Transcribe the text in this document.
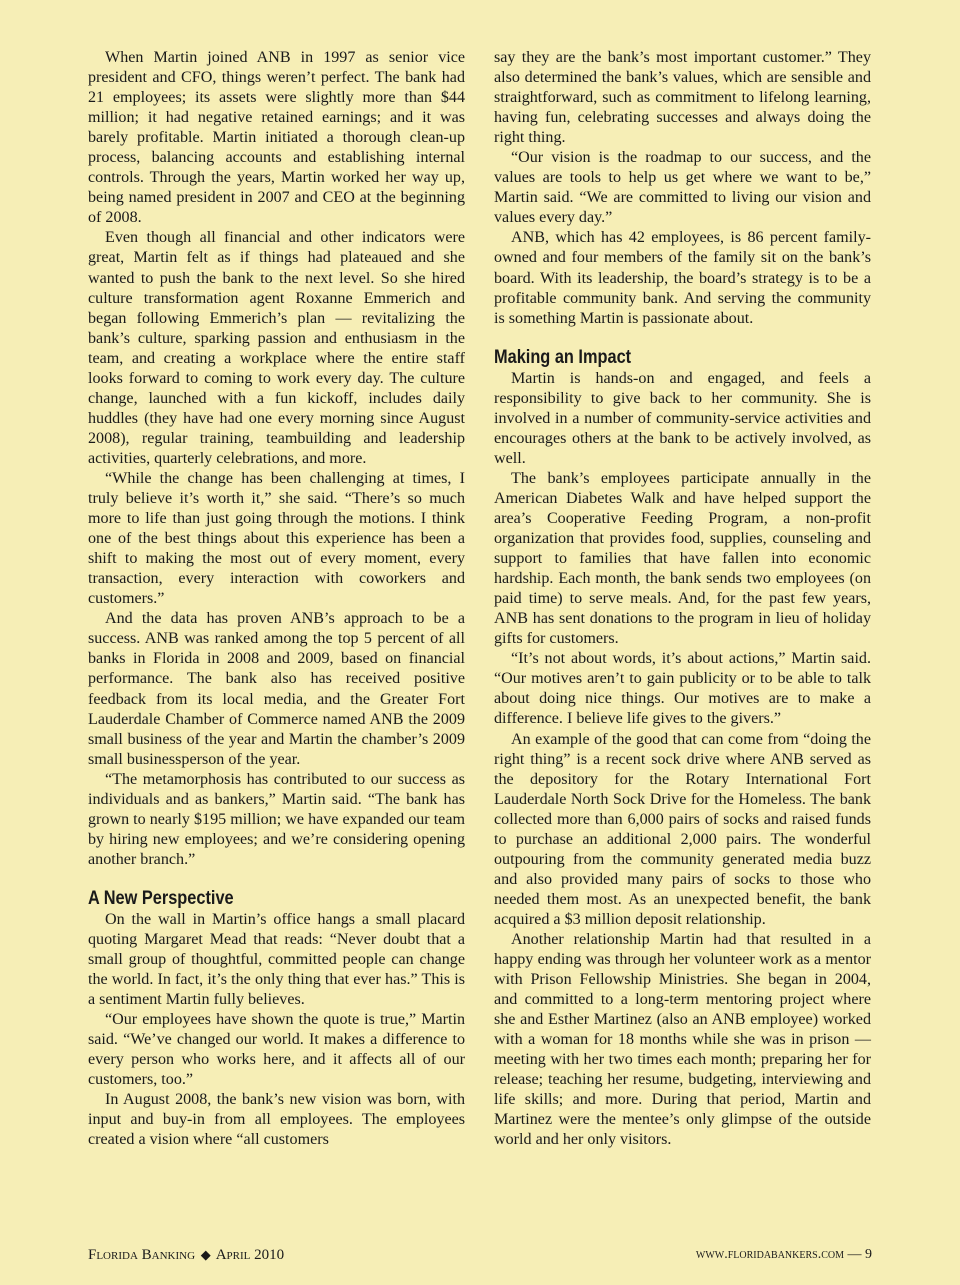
When Martin joined ANB in 1997 as senior vice president and CFO, things weren’t perfect. The bank had 21 employees; its assets were slightly more than $44 million; it had negative retained earnings; and it was barely profitable. Martin initiated a thorough clean-up process, balancing accounts and establishing internal controls. Through the years, Martin worked her way up, being named president in 2007 and CEO at the beginning of 2008.

Even though all financial and other indicators were great, Martin felt as if things had plateaued and she wanted to push the bank to the next level. So she hired culture transformation agent Roxanne Emmerich and began following Emmerich’s plan — revitalizing the bank’s culture, sparking passion and enthusiasm in the team, and creating a workplace where the entire staff looks forward to coming to work every day. The culture change, launched with a fun kickoff, includes daily huddles (they have had one every morning since August 2008), regular training, teambuilding and leadership activities, quarterly celebrations, and more.

“While the change has been challenging at times, I truly believe it’s worth it,” she said. “There’s so much more to life than just going through the motions. I think one of the best things about this experience has been a shift to making the most out of every moment, every transaction, every interaction with coworkers and customers.”

And the data has proven ANB’s approach to be a success. ANB was ranked among the top 5 percent of all banks in Florida in 2008 and 2009, based on financial performance. The bank also has received positive feedback from its local media, and the Greater Fort Lauderdale Chamber of Commerce named ANB the 2009 small business of the year and Martin the chamber’s 2009 small businessperson of the year.

“The metamorphosis has contributed to our success as individuals and as bankers,” Martin said. “The bank has grown to nearly $195 million; we have expanded our team by hiring new employees; and we’re considering opening another branch.”

A New Perspective

On the wall in Martin’s office hangs a small placard quoting Margaret Mead that reads: “Never doubt that a small group of thoughtful, committed people can change the world. In fact, it’s the only thing that ever has.” This is a sentiment Martin fully believes.

“Our employees have shown the quote is true,” Martin said. “We’ve changed our world. It makes a difference to every person who works here, and it affects all of our customers, too.”

In August 2008, the bank’s new vision was born, with input and buy-in from all employees. The employees created a vision where “all customers

say they are the bank’s most important customer.” They also determined the bank’s values, which are sensible and straightforward, such as commitment to lifelong learning, having fun, celebrating successes and always doing the right thing.

“Our vision is the roadmap to our success, and the values are tools to help us get where we want to be,” Martin said. “We are committed to living our vision and values every day.”

ANB, which has 42 employees, is 86 percent family-owned and four members of the family sit on the bank’s board. With its leadership, the board’s strategy is to be a profitable community bank. And serving the community is something Martin is passionate about.

Making an Impact

Martin is hands-on and engaged, and feels a responsibility to give back to her community. She is involved in a number of community-service activities and encourages others at the bank to be actively involved, as well.

The bank’s employees participate annually in the American Diabetes Walk and have helped support the area’s Cooperative Feeding Program, a non-profit organization that provides food, supplies, counseling and support to families that have fallen into economic hardship. Each month, the bank sends two employees (on paid time) to serve meals. And, for the past few years, ANB has sent donations to the program in lieu of holiday gifts for customers.

“It’s not about words, it’s about actions,” Martin said. “Our motives aren’t to gain publicity or to be able to talk about doing nice things. Our motives are to make a difference. I believe life gives to the givers.”

An example of the good that can come from “doing the right thing” is a recent sock drive where ANB served as the depository for the Rotary International Fort Lauderdale North Sock Drive for the Homeless. The bank collected more than 6,000 pairs of socks and raised funds to purchase an additional 2,000 pairs. The wonderful outpouring from the community generated media buzz and also provided many pairs of socks to those who needed them most. As an unexpected benefit, the bank acquired a $3 million deposit relationship.

Another relationship Martin had that resulted in a happy ending was through her volunteer work as a mentor with Prison Fellowship Ministries. She began in 2004, and committed to a long-term mentoring project where she and Esther Martinez (also an ANB employee) worked with a woman for 18 months while she was in prison — meeting with her two times each month; preparing her for release; teaching her resume, budgeting, interviewing and life skills; and more. During that period, Martin and Martinez were the mentee’s only glimpse of the outside world and her only visitors.

Florida Banking ◆ April 2010	www.floridabankers.com — 9
